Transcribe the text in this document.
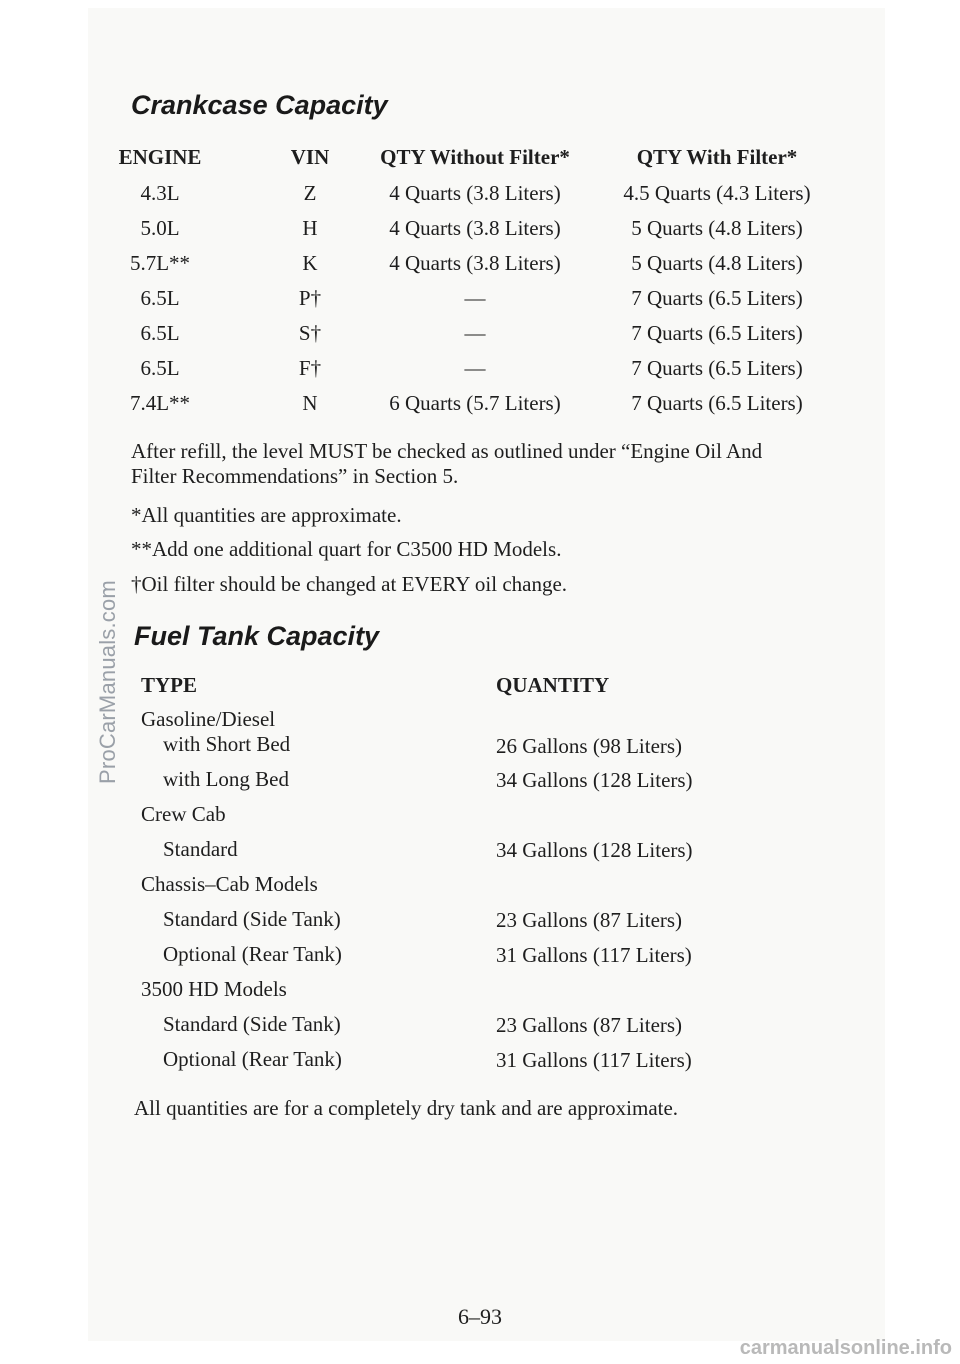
Crankcase Capacity
ENGINE	VIN	QTY Without Filter*	QTY With Filter*
4.3L	Z	4 Quarts (3.8 Liters)	4.5 Quarts (4.3 Liters)
5.0L	H	4 Quarts (3.8 Liters)	5 Quarts (4.8 Liters)
5.7L**	K	4 Quarts (3.8 Liters)	5 Quarts (4.8 Liters)
6.5L	P†	—	7 Quarts (6.5 Liters)
6.5L	S†	—	7 Quarts (6.5 Liters)
6.5L	F†	—	7 Quarts (6.5 Liters)
7.4L**	N	6 Quarts (5.7 Liters)	7 Quarts (6.5 Liters)
After refill, the level MUST be checked as outlined under “Engine Oil And
Filter Recommendations” in Section 5.
*All quantities are approximate.
**Add one additional quart for C3500 HD Models.
†Oil filter should be changed at EVERY oil change.
Fuel Tank Capacity
TYPE	QUANTITY
Gasoline/Diesel
with Short Bed	26 Gallons (98 Liters)
with Long Bed	34 Gallons (128 Liters)
Crew Cab
Standard	34 Gallons (128 Liters)
Chassis–Cab Models
Standard (Side Tank)	23 Gallons (87 Liters)
Optional (Rear Tank)	31 Gallons (117 Liters)
3500 HD Models
Standard (Side Tank)	23 Gallons (87 Liters)
Optional (Rear Tank)	31 Gallons (117 Liters)
All quantities are for a completely dry tank and are approximate.
6–93
ProCarManuals.com
carmanualsonline.info
